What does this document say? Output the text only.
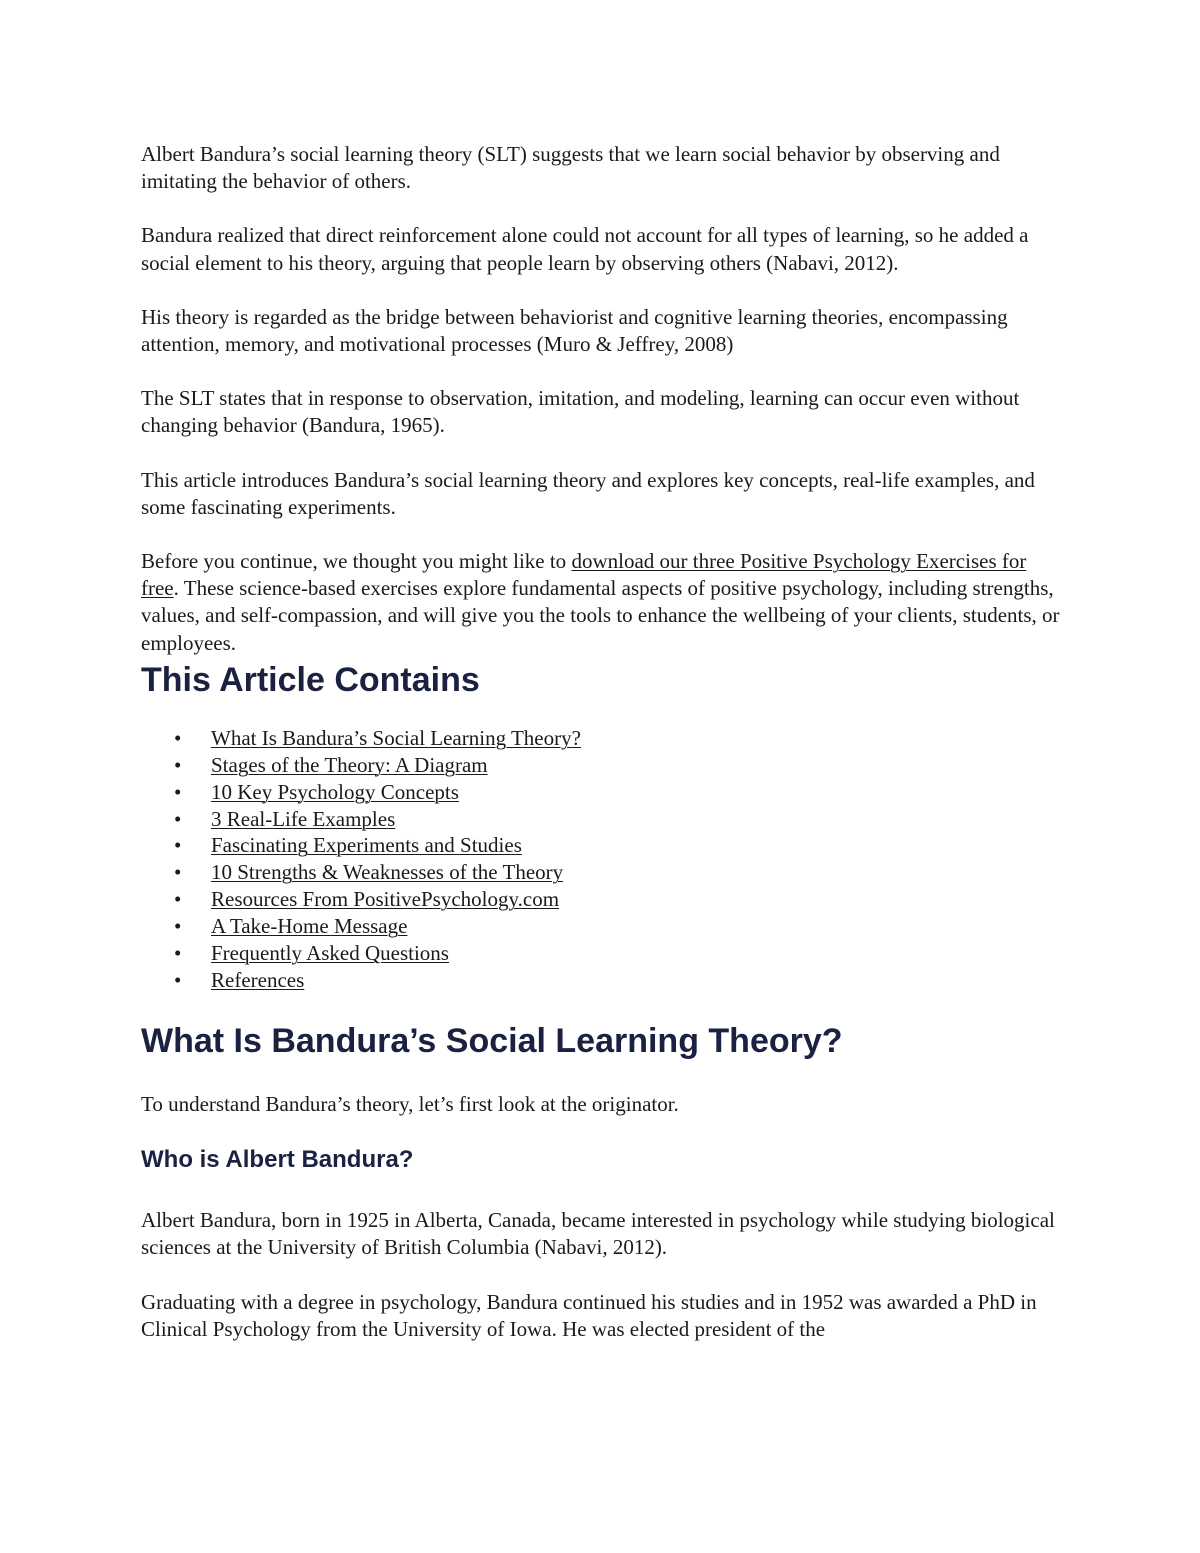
Albert Bandura’s social learning theory (SLT) suggests that we learn social behavior by observing and imitating the behavior of others.

Bandura realized that direct reinforcement alone could not account for all types of learning, so he added a social element to his theory, arguing that people learn by observing others (Nabavi, 2012).

His theory is regarded as the bridge between behaviorist and cognitive learning theories, encompassing attention, memory, and motivational processes (Muro & Jeffrey, 2008)

The SLT states that in response to observation, imitation, and modeling, learning can occur even without changing behavior (Bandura, 1965).

This article introduces Bandura’s social learning theory and explores key concepts, real-life examples, and some fascinating experiments.

Before you continue, we thought you might like to download our three Positive Psychology Exercises for free. These science-based exercises explore fundamental aspects of positive psychology, including strengths, values, and self-compassion, and will give you the tools to enhance the wellbeing of your clients, students, or employees.

This Article Contains
• What Is Bandura’s Social Learning Theory?
• Stages of the Theory: A Diagram
• 10 Key Psychology Concepts
• 3 Real-Life Examples
• Fascinating Experiments and Studies
• 10 Strengths & Weaknesses of the Theory
• Resources From PositivePsychology.com
• A Take-Home Message
• Frequently Asked Questions
• References
What Is Bandura’s Social Learning Theory?

To understand Bandura’s theory, let’s first look at the originator.

Who is Albert Bandura?

Albert Bandura, born in 1925 in Alberta, Canada, became interested in psychology while studying biological sciences at the University of British Columbia (Nabavi, 2012).

Graduating with a degree in psychology, Bandura continued his studies and in 1952 was awarded a PhD in Clinical Psychology from the University of Iowa. He was elected president of the
